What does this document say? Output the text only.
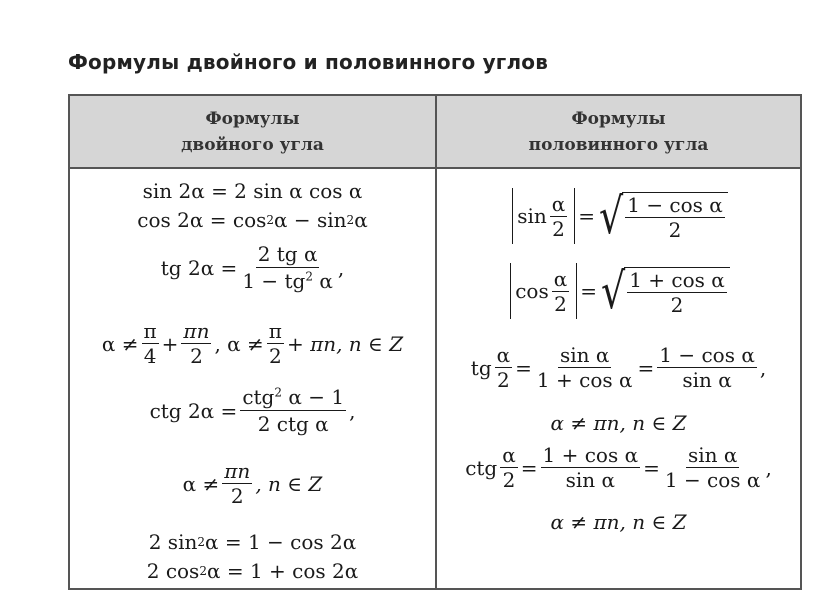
Формулы двойного и половинного углов
Формулы
двойного угла
Формулы
половинного угла
sin 2α = 2 sin α cos α
cos 2α = cos 2 α − sin 2 α
tg $2\alpha = \frac{\text{2 tg α}}{1 - tg^2 \alpha}$ ,
$\alpha \ne \frac{\pi}{4} + \frac{\pi n}{2}$ , $\alpha \ne \frac{\pi}{2} + \pi n$, n ∈ Z
ctg $2\alpha = \frac{ctg^2 \alpha - 1}{\text{2 ctg α}}$ ,
$\alpha \ne \frac{\pi n}{2}$ , n ∈ Z
2 sin 2 α = 1 − cos 2α
2 cos 2 α = 1 + cos 2α
$\sin \frac{\alpha}{2}$ = √ $\frac{\text{1 − cos α}}{2}$
$\cos \frac{\alpha}{2}$ = √ $\frac{\text{1 + cos α}}{2}$
tg $\frac{\alpha}{2} = \frac{\text{sin α}}{\text{1 + cos α}} = \frac{\text{1 − cos α}}{\text{sin α}}$ ,
α ≠ πn, n ∈ Z
ctg $\frac{\alpha}{2} = \frac{\text{1 + cos α}}{\text{sin α}} = \frac{\text{sin α}}{\text{1 − cos α}}$ ,
α ≠ πn, n ∈ Z
